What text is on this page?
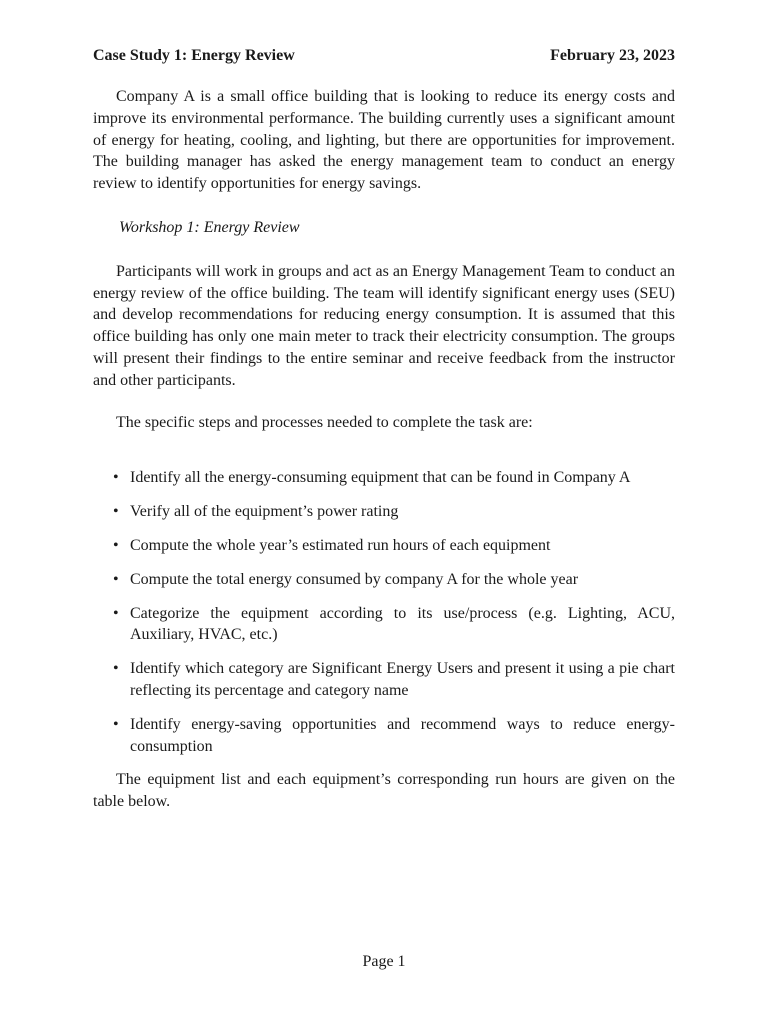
Case Study 1: Energy Review	February 23, 2023

Company A is a small office building that is looking to reduce its energy costs and improve its environmental performance. The building currently uses a significant amount of energy for heating, cooling, and lighting, but there are opportunities for improvement. The building manager has asked the energy management team to conduct an energy review to identify opportunities for energy savings.

Workshop 1: Energy Review

Participants will work in groups and act as an Energy Management Team to conduct an energy review of the office building. The team will identify significant energy uses (SEU) and develop recommendations for reducing energy consumption. It is assumed that this office building has only one main meter to track their electricity consumption. The groups will present their findings to the entire seminar and receive feedback from the instructor and other participants.

The specific steps and processes needed to complete the task are:

• Identify all the energy-consuming equipment that can be found in Company A
• Verify all of the equipment’s power rating
• Compute the whole year’s estimated run hours of each equipment
• Compute the total energy consumed by company A for the whole year
• Categorize the equipment according to its use/process (e.g. Lighting, ACU, Auxiliary, HVAC, etc.)
• Identify which category are Significant Energy Users and present it using a pie chart reflecting its percentage and category name
• Identify energy-saving opportunities and recommend ways to reduce energy-consumption

The equipment list and each equipment’s corresponding run hours are given on the table below.

Page 1
